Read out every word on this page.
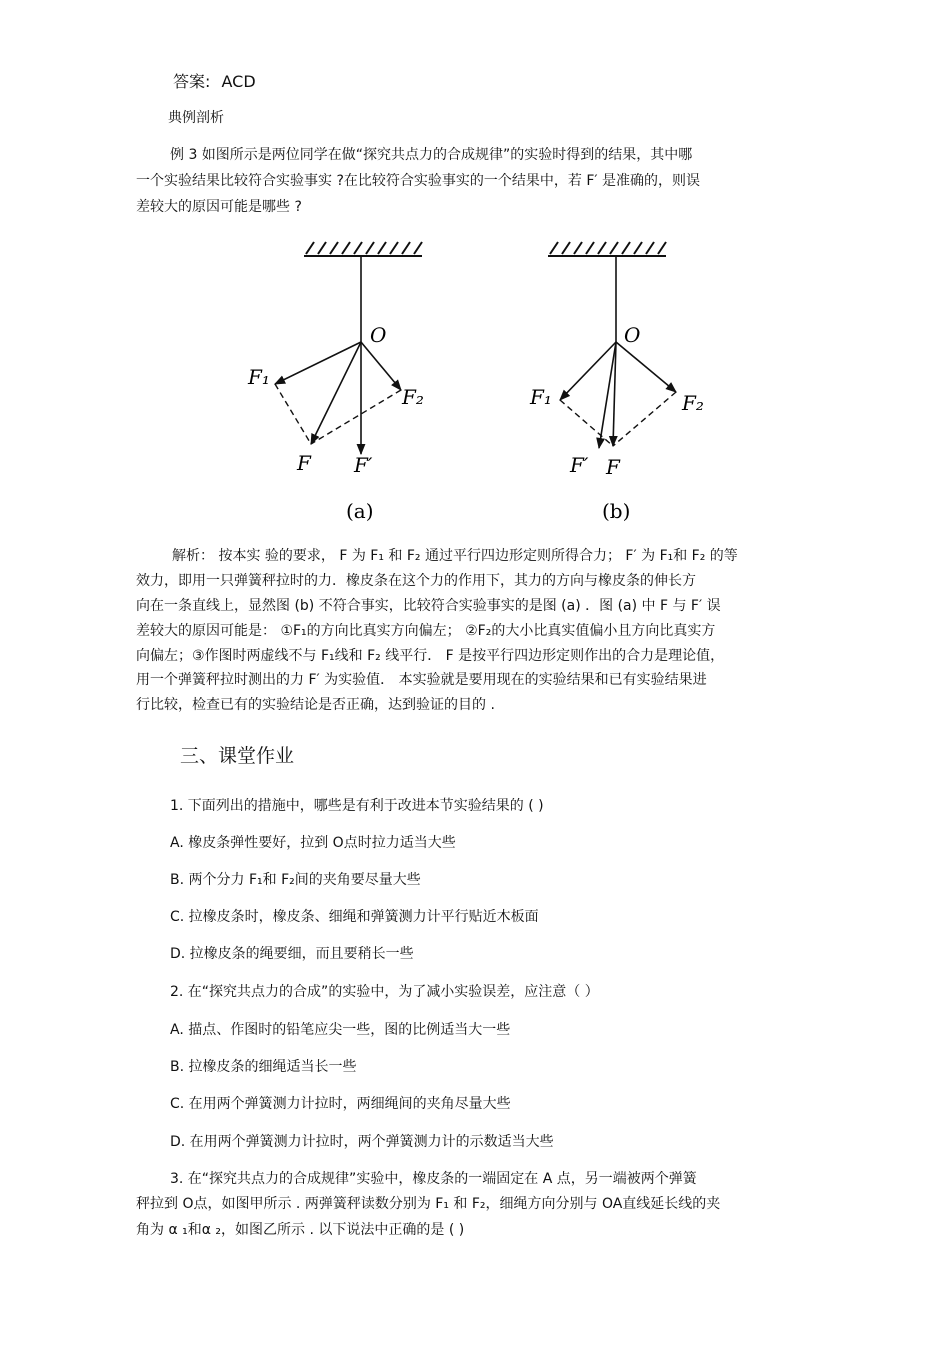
答案: ACD
典例剖析
例 3 如图所示是两位同学在做“探究共点力的合成规律”的实验时得到的结果，其中哪
一个实验结果比较符合实验事实 ?在比较符合实验事实的一个结果中，若 F′ 是准确的，则误
差较大的原因可能是哪些 ?
O
F₁
F₂
F F′
(a)
O
F₁	F₂
F′ F
(b)
解析： 按本实 验的要求， F 为 F₁ 和 F₂ 通过平行四边形定则所得合力； F′ 为 F₁和 F₂ 的等
效力，即用一只弹簧秤拉时的力．橡皮条在这个力的作用下，其力的方向与橡皮条的伸长方
向在一条直线上，显然图 (b) 不符合事实，比较符合实验事实的是图 (a) ．图 (a) 中 F 与 F′ 误
差较大的原因可能是： ①F₁的方向比真实方向偏左； ②F₂的大小比真实值偏小且方向比真实方
向偏左；③作图时两虚线不与 F₁线和 F₂ 线平行． F 是按平行四边形定则作出的合力是理论值，
用一个弹簧秤拉时测出的力 F′ 为实验值． 本实验就是要用现在的实验结果和已有实验结果进
行比较，检查已有的实验结论是否正确，达到验证的目的 .
三、课堂作业
1. 下面列出的措施中，哪些是有利于改进本节实验结果的 ( )
A. 橡皮条弹性要好，拉到 O点时拉力适当大些
B. 两个分力 F₁和 F₂间的夹角要尽量大些
C. 拉橡皮条时，橡皮条、细绳和弹簧测力计平行贴近木板面
D. 拉橡皮条的绳要细，而且要稍长一些
2. 在“探究共点力的合成”的实验中，为了减小实验误差，应注意（ ）
A. 描点、作图时的铅笔应尖一些，图的比例适当大一些
B. 拉橡皮条的细绳适当长一些
C. 在用两个弹簧测力计拉时，两细绳间的夹角尽量大些
D. 在用两个弹簧测力计拉时，两个弹簧测力计的示数适当大些
3. 在“探究共点力的合成规律”实验中，橡皮条的一端固定在 A 点，另一端被两个弹簧
秤拉到 O点，如图甲所示 . 两弹簧秤读数分别为 F₁ 和 F₂，细绳方向分别与 OA直线延长线的夹
角为 α ₁和α ₂，如图乙所示 . 以下说法中正确的是 ( )
